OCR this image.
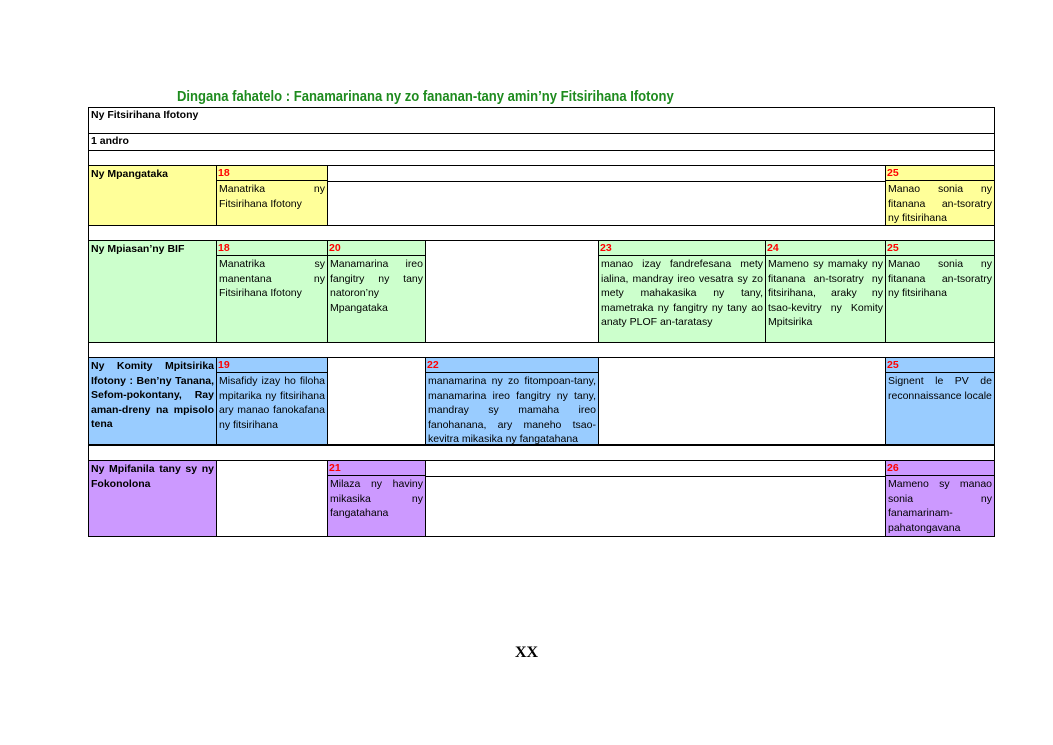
Dingana fahatelo : Fanamarinana ny zo fananan-tany amin’ny Fitsirihana Ifotony
Ny Fitsirihana Ifotony
1 andro
Ny Mpangataka	18
Manatrika ny Fitsirihana Ifotony
25
Manao sonia ny fitanana an-tsoratry ny fitsirihana
Ny Mpiasan’ny BIF	18
Manatrika sy manentana ny Fitsirihana Ifotony
20
Manamarina ireo fangitry ny tany natoron’ny Mpangataka
23
manao izay fandrefesana mety ialina, mandray ireo vesatra sy zo mety mahakasika ny tany, mametraka ny fangitry ny tany ao anaty PLOF an-taratasy
24
Mameno sy mamaky ny fitanana an-tsoratry ny fitsirihana, araky ny tsao-kevitry ny Komity Mpitsirika
25
Manao sonia ny fitanana an-tsoratry ny fitsirihana
Ny Komity Mpitsirika Ifotony : Ben’ny Tanana, Sefom-pokontany, Ray aman-dreny na mpisolo tena
19
Misafidy izay ho filoha mpitarika ny fitsirihana ary manao fanokafana ny fitsirihana
22
manamarina ny zo fitompoan-tany, manamarina ireo fangitry ny tany, mandray sy mamaha ireo fanohanana, ary maneho tsao-kevitra mikasika ny fangatahana
25
Signent le PV de reconnaissance locale
Ny Mpifanila tany sy ny Fokonolona
21
Milaza ny haviny mikasika ny fangatahana
26
Mameno sy manao sonia ny fanamarinam-pahatongavana
XX
